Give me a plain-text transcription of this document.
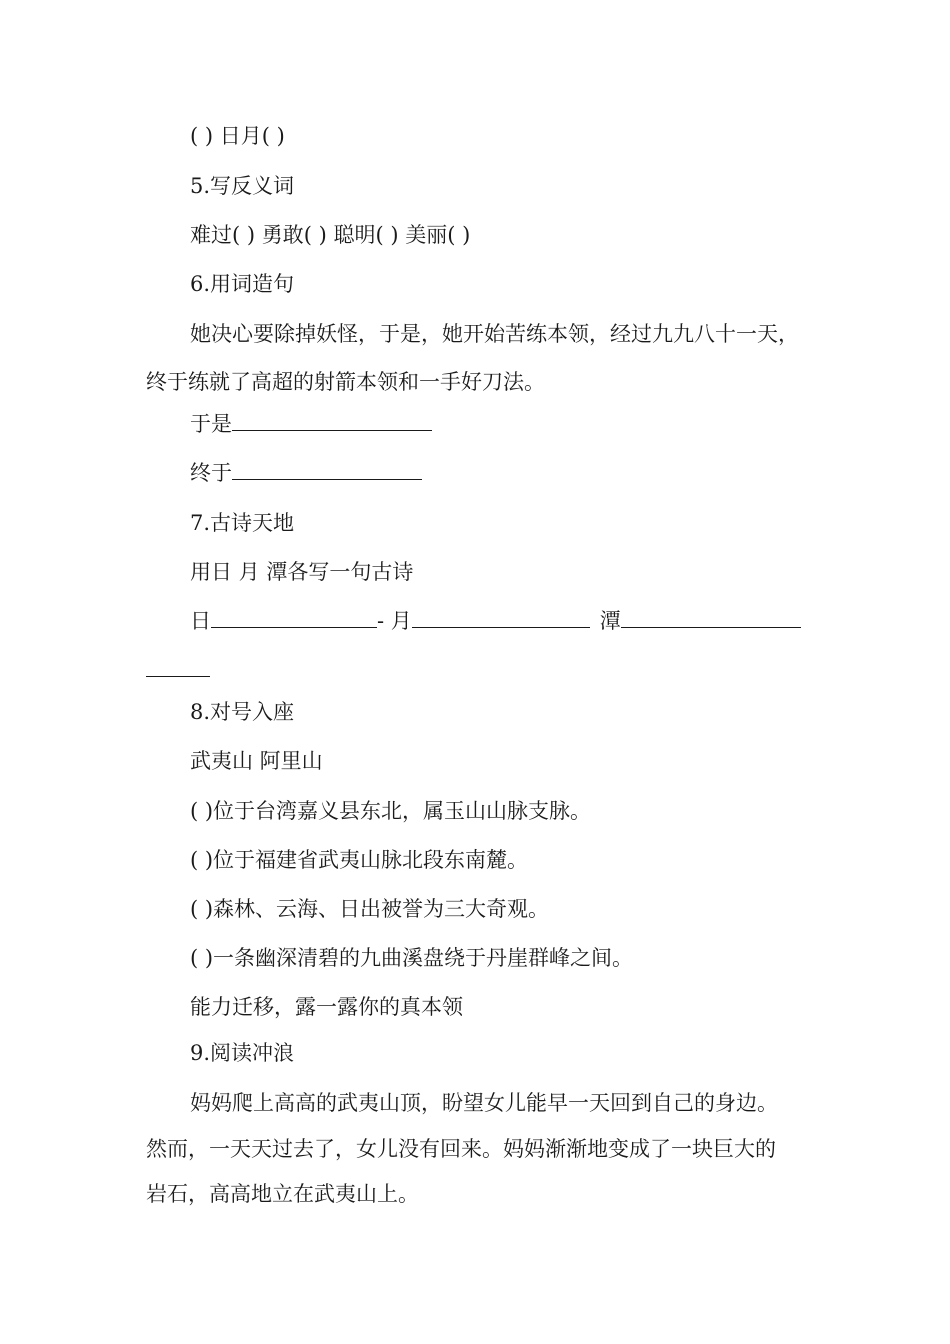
( ) 日月( )
5.写反义词
难过( ) 勇敢( ) 聪明( ) 美丽( )
6.用词造句
她决心要除掉妖怪，于是，她开始苦练本领，经过九九八十一天，
终于练就了高超的射箭本领和一手好刀法。
于是
终于
7.古诗天地
用日 月 潭各写一句古诗
日	- 月	潭
8.对号入座
武夷山 阿里山
( )位于台湾嘉义县东北，属玉山山脉支脉。
( )位于福建省武夷山脉北段东南麓。
( )森林、云海、日出被誉为三大奇观。
( )一条幽深清碧的九曲溪盘绕于丹崖群峰之间。
能力迁移，露一露你的真本领
9.阅读冲浪
妈妈爬上高高的武夷山顶，盼望女儿能早一天回到自己的身边。
然而，一天天过去了，女儿没有回来。妈妈渐渐地变成了一块巨大的
岩石，高高地立在武夷山上。
